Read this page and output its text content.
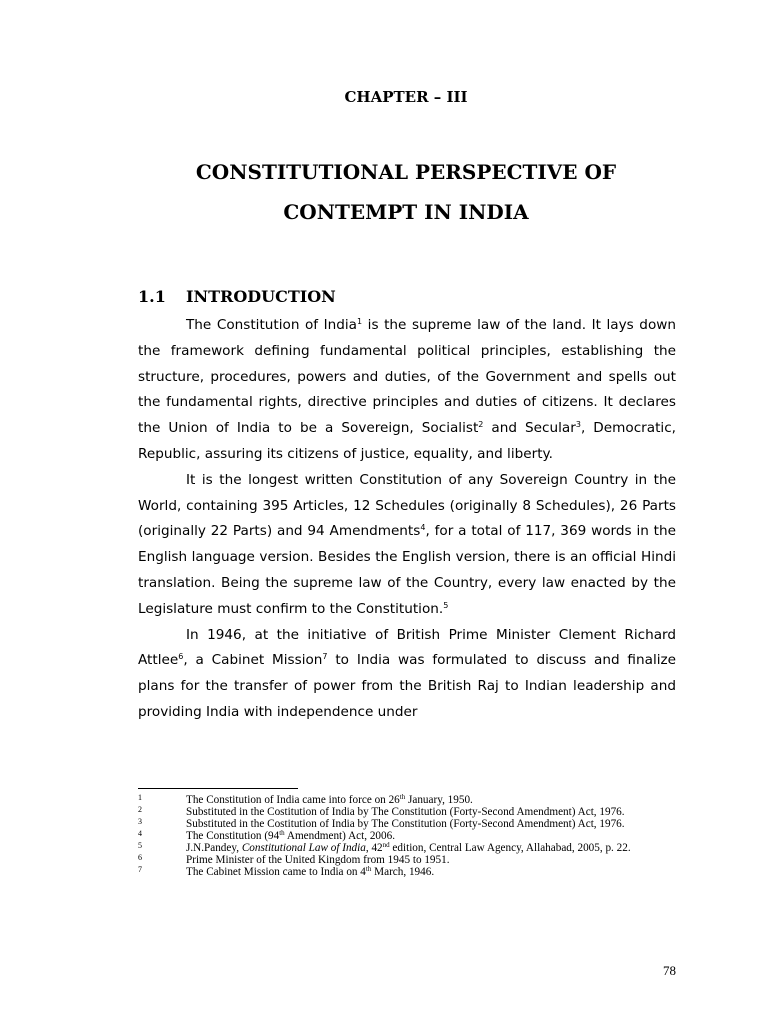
CHAPTER – III
CONSTITUTIONAL PERSPECTIVE OF
CONTEMPT IN INDIA
1.1 INTRODUCTION

The Constitution of India$^1$ is the supreme law of the land. It lays down the framework defining fundamental political principles, establishing the structure, procedures, powers and duties, of the Government and spells out the fundamental rights, directive principles and duties of citizens. It declares the Union of India to be a Sovereign, Socialist$^2$ and Secular$^3$, Democratic, Republic, assuring its citizens of justice, equality, and liberty.

It is the longest written Constitution of any Sovereign Country in the World, containing 395 Articles, 12 Schedules (originally 8 Schedules), 26 Parts (originally 22 Parts) and 94 Amendments$^4$, for a total of 117, 369 words in the English language version. Besides the English version, there is an official Hindi translation. Being the supreme law of the Country, every law enacted by the Legislature must confirm to the Constitution.$^5$

In 1946, at the initiative of British Prime Minister Clement Richard Attlee$^6$, a Cabinet Mission$^7$ to India was formulated to discuss and finalize plans for the transfer of power from the British Raj to Indian leadership and providing India with independence under

1	The Constitution of India came into force on 26th January, 1950.
2	Substituted in the Costitution of India by The Constitution (Forty-Second Amendment) Act, 1976.
3	Substituted in the Costitution of India by The Constitution (Forty-Second Amendment) Act, 1976.
4	The Constitution (94th Amendment) Act, 2006.
5	J.N.Pandey, Constitutional Law of India, 42nd edition, Central Law Agency, Allahabad, 2005, p. 22.
6	Prime Minister of the United Kingdom from 1945 to 1951.
7	The Cabinet Mission came to India on 4th March, 1946.
78
